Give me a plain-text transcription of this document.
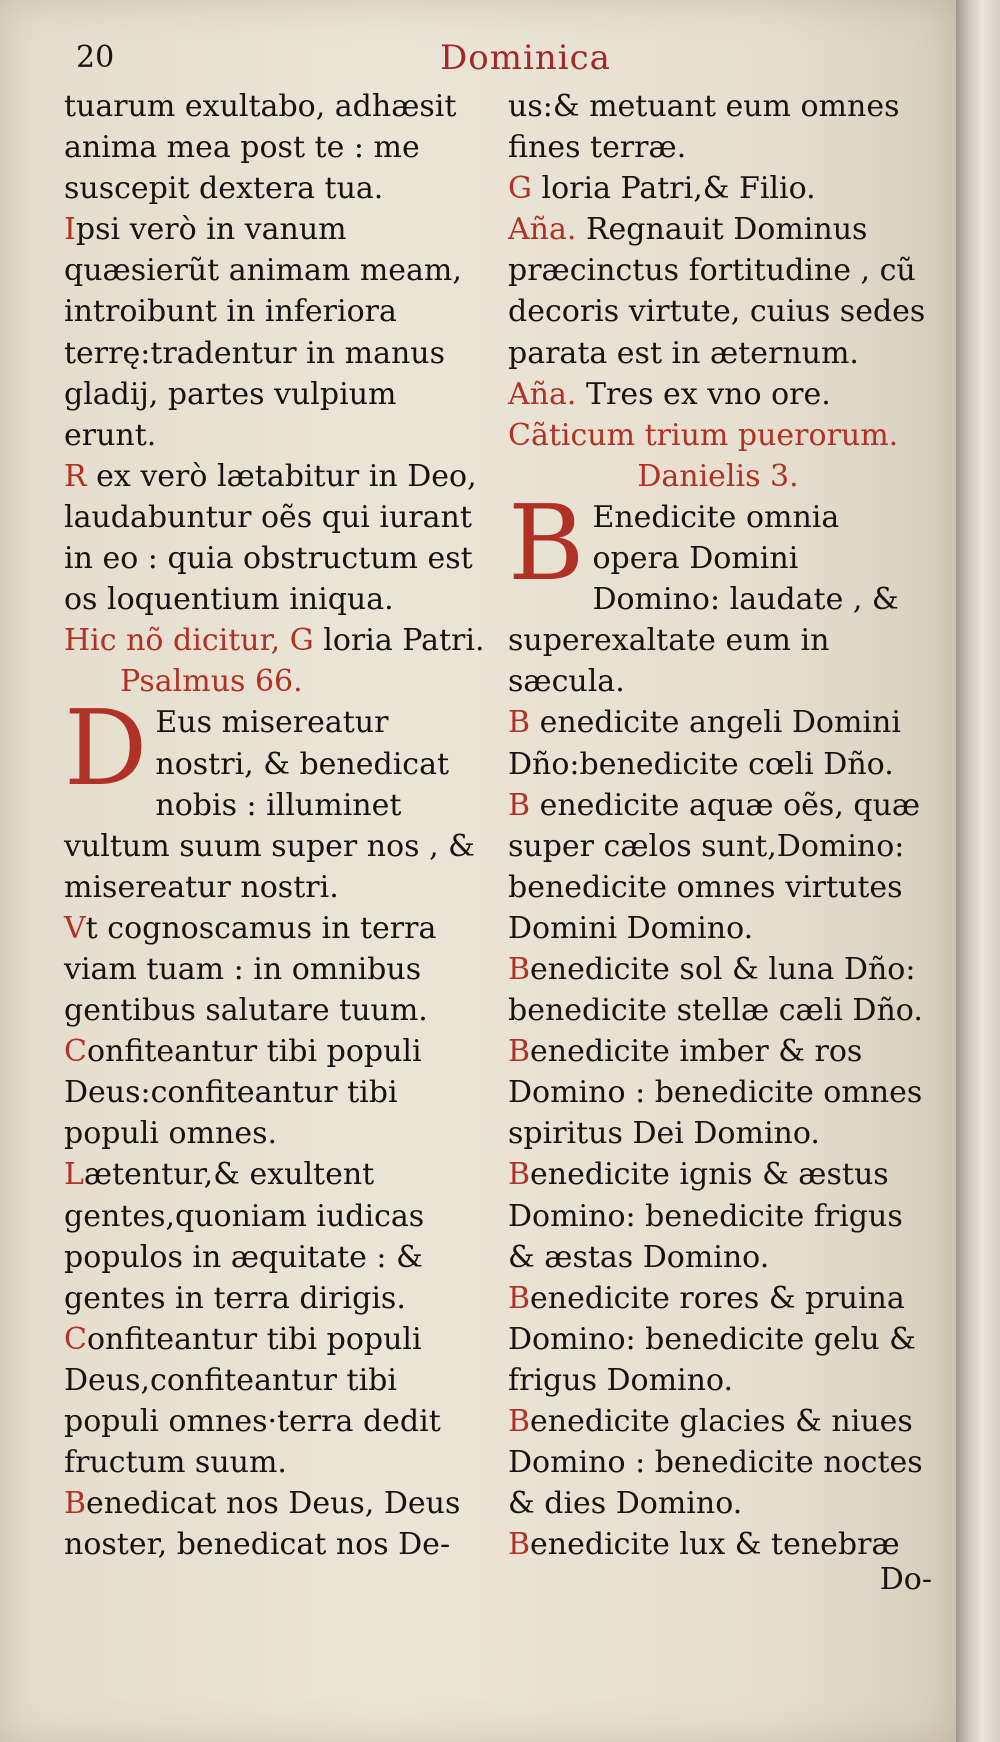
20	Dominica

tuarum exultabo, adhæsit anima mea post te : me suscepit dextera tua.

Ipsi verò in vanum quæsierũt animam meam, introibunt in inferiora terrę:tradentur in manus gladij, partes vulpium erunt.

R ex verò lætabitur in Deo, laudabuntur oẽs qui iurant in eo : quia obstructum est os loquentium iniqua.

Hic nõ dicitur, G loria Patri. Psalmus 66.

D Eus misereatur nostri, & benedicat nobis : illuminet vultum suum super nos , & misereatur nostri.

Vt cognoscamus in terra viam tuam : in omnibus gentibus salutare tuum.

Confiteantur tibi populi Deus:confiteantur tibi populi omnes.

Lætentur,& exultent gentes,quoniam iudicas populos in æquitate : & gentes in terra dirigis.

Confiteantur tibi populi Deus,confiteantur tibi populi omnes·terra dedit fructum suum.

Benedicat nos Deus, Deus noster, benedicat nos De-

us:& metuant eum omnes fines terræ.

G loria Patri,& Filio.

Aña. Regnauit Dominus præcinctus fortitudine , cũ decoris virtute, cuius sedes parata est in æternum.

Aña. Tres ex vno ore.

Cãticum trium puerorum.

Danielis 3.

B Enedicite omnia opera Domini Domino: laudate , & superexaltate eum in sæcula.

B enedicite angeli Domini Dño:benedicite cœli Dño.

B enedicite aquæ oẽs, quæ super cælos sunt,Domino: benedicite omnes virtutes Domini Domino.

Benedicite sol & luna Dño: benedicite stellæ cæli Dño.

Benedicite imber & ros Domino : benedicite omnes spiritus Dei Domino.

Benedicite ignis & æstus Domino: benedicite frigus & æstas Domino.

Benedicite rores & pruina Domino: benedicite gelu & frigus Domino.

Benedicite glacies & niues Domino : benedicite noctes & dies Domino.

Benedicite lux & tenebræ

Do-
